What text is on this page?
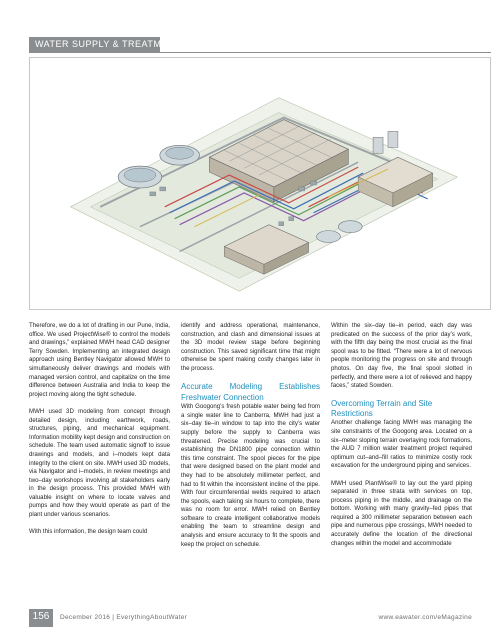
WATER SUPPLY & TREATMENT

Therefore, we do a lot of drafting in our Pune, India, office. We used ProjectWise® to control the models and drawings,” explained MWH head CAD designer Terry Sowden. Implementing an integrated design approach using Bentley Navigator allowed MWH to simultaneously deliver drawings and models with managed version control, and capitalize on the time difference between Australia and India to keep the project moving along the tight schedule.

MWH used 3D modeling from concept through detailed design, including earthwork, roads, structures, piping, and mechanical equipment. Information mobility kept design and construction on schedule. The team used automatic signoff to issue drawings and models, and i–models kept data integrity to the client on site. MWH used 3D models, via Navigator and i–models, in review meetings and two–day workshops involving all stakeholders early in the design process. This provided MWH with valuable insight on where to locate valves and pumps and how they would operate as part of the plant under various scenarios.

With this information, the design team could

identify and address operational, maintenance, construction, and clash and dimensional issues at the 3D model review stage before beginning construction. This saved significant time that might otherwise be spent making costly changes later in the process.

Accurate Modeling Establishes
Freshwater Connection

With Googong’s fresh potable water being fed from a single water line to Canberra, MWH had just a six–day tie–in window to tap into the city’s water supply before the supply to Canberra was threatened. Precise modeling was crucial to establishing the DN1800 pipe connection within this time constraint. The spool pieces for the pipe that were designed based on the plant model and they had to be absolutely millimeter perfect, and had to fit within the inconsistent incline of the pipe. With four circumferential welds required to attach the spools, each taking six hours to complete, there was no room for error. MWH relied on Bentley software to create intelligent collaborative models enabling the team to streamline design and analysis and ensure accuracy to fit the spools and keep the project on schedule.

Within the six–day tie–in period, each day was predicated on the success of the prior day’s work, with the fifth day being the most crucial as the final spool was to be fitted. “There were a lot of nervous people monitoring the progress on site and through photos. On day five, the final spool slotted in perfectly, and there were a lot of relieved and happy faces,” stated Sowden.

Overcoming Terrain and Site Restrictions

Another challenge facing MWH was managing the site constraints of the Googong area. Located on a six–meter sloping terrain overlaying rock formations, the AUD 7 million water treatment project required optimum cut–and–fill ratios to minimize costly rock excavation for the underground piping and services.

MWH used PlantWise® to lay out the yard piping separated in three strata with services on top, process piping in the middle, and drainage on the bottom. Working with many gravity–fed pipes that required a 300 millimeter separation between each pipe and numerous pipe crossings, MWH needed to accurately define the location of the directional changes within the model and accommodate

156	December 2016 | EverythingAboutWater	www.eawater.com/eMagazine
